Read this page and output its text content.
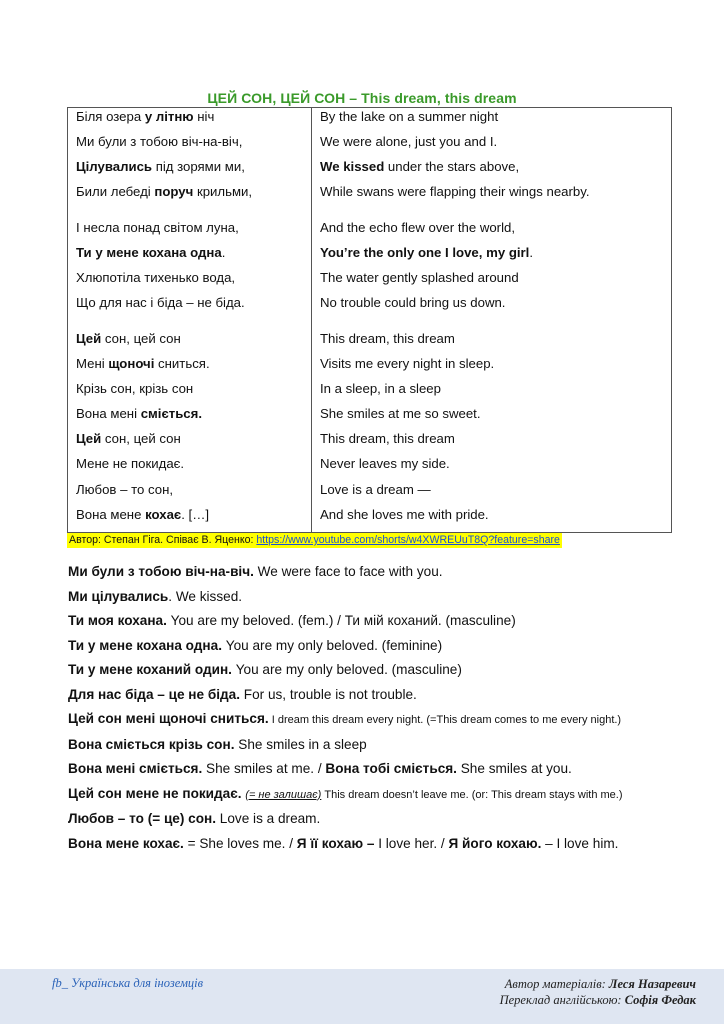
ЦЕЙ СОН, ЦЕЙ СОН – This dream, this dream
Біля озера у літню ніч
Ми були з тобою віч-на-віч,
Цілувались під зорями ми,
Били лебеді поруч крильми,
І несла понад світом луна,
Ти у мене кохана одна.
Хлюпотіла тихенько вода,
Що для нас і біда – не біда.
Цей сон, цей сон
Мені щоночі сниться.
Крізь сон, крізь сон
Вона мені сміється.
Цей сон, цей сон
Мене не покидає.
Любов – то сон,
Вона мене кохає. […]
By the lake on a summer night
We were alone, just you and I.
We kissed under the stars above,
While swans were flapping their wings nearby.
And the echo flew over the world,
You’re the only one I love, my girl.
The water gently splashed around
No trouble could bring us down.
This dream, this dream
Visits me every night in sleep.
In a sleep, in a sleep
She smiles at me so sweet.
This dream, this dream
Never leaves my side.
Love is a dream —
And she loves me with pride.
Автор: Степан Гіга. Співає В. Яценко: https://www.youtube.com/shorts/w4XWREUuT8Q?feature=share
Ми були з тобою віч-на-віч. We were face to face with you.
Ми цілувались. We kissed.
Ти моя кохана. You are my beloved. (fem.) / Ти мій коханий. (masculine)
Ти у мене кохана одна. You are my only beloved. (feminine)
Ти у мене коханий один. You are my only beloved. (masculine)
Для нас біда – це не біда. For us, trouble is not trouble.
Цей сон мені щоночі сниться. I dream this dream every night. (=This dream comes to me every night.)
Вона сміється крізь сон. She smiles in a sleep
Вона мені сміється. She smiles at me. / Вона тобі сміється. She smiles at you.
Цей сон мене не покидає. (= не залишає) This dream doesn’t leave me. (or: This dream stays with me.)
Любов – то (= це) сон. Love is a dream.
Вона мене кохає. = She loves me. / Я її кохаю – I love her. / Я його кохаю. – I love him.
fb_ Українська для іноземців	Автор матеріалів: Леся Назаревич
Переклад англійською: Софія Федак
